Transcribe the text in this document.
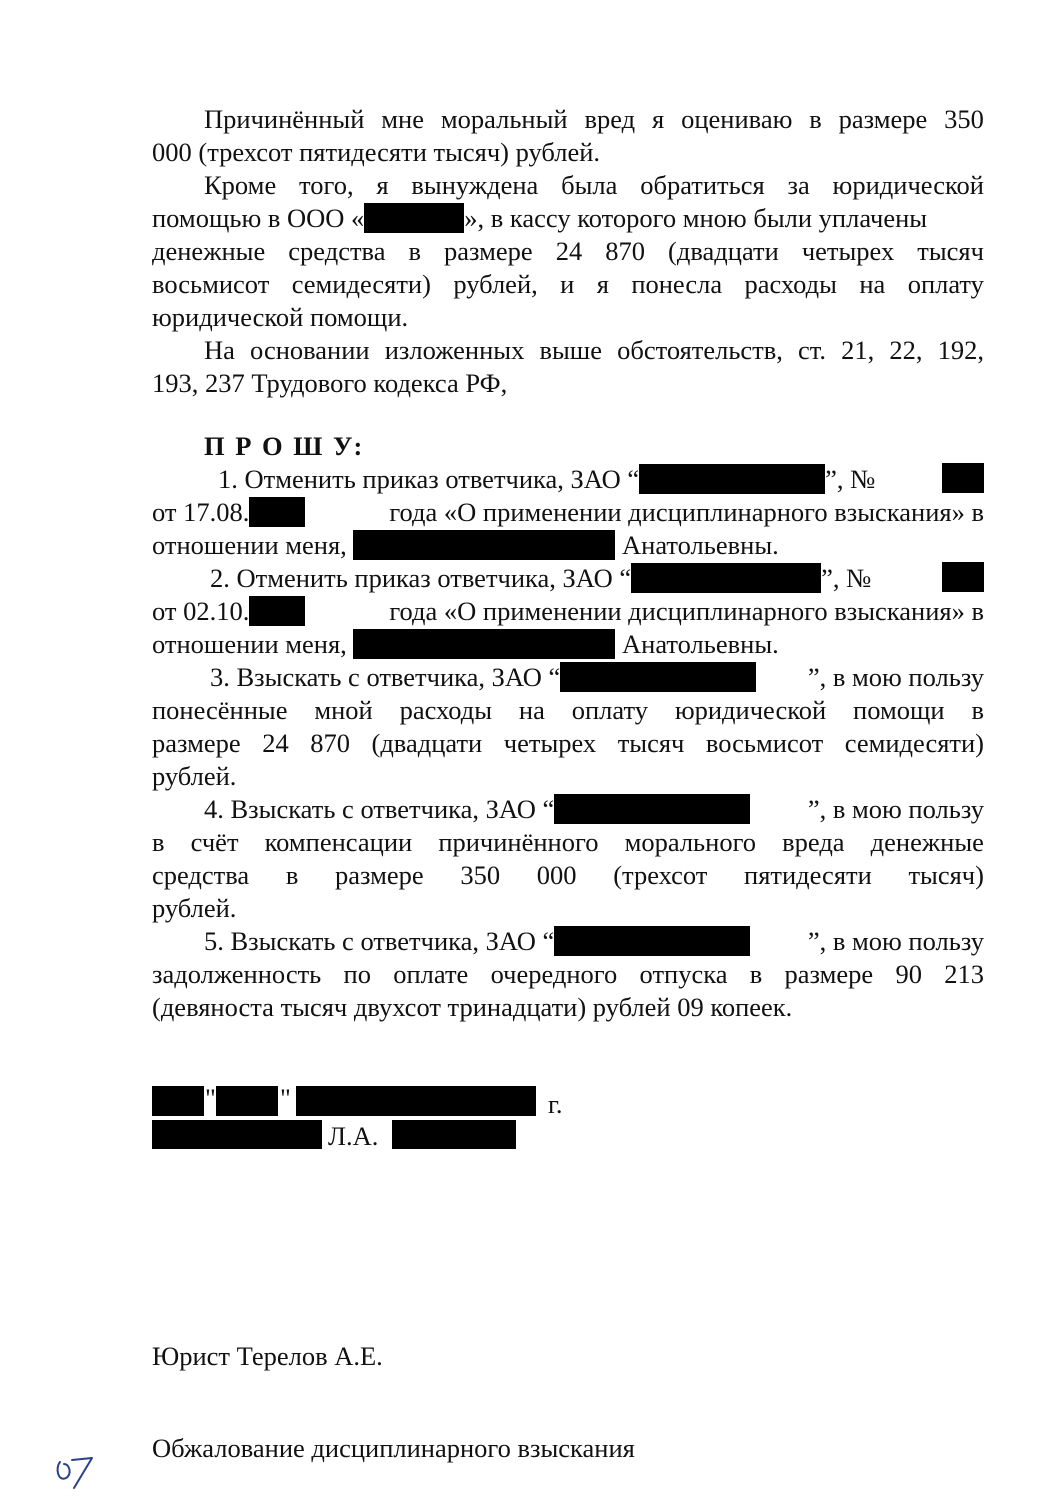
Причинённый мне моральный вред я оцениваю в размере 350
000 (трехсот пятидесяти тысяч) рублей.
Кроме того, я вынуждена была обратиться за юридической
помощью в ООО «	», в кассу которого мною были уплачены
денежные средства в размере 24 870 (двадцати четырех тысяч
восьмисот семидесяти) рублей, и я понесла расходы на оплату
юридической помощи.
На основании изложенных выше обстоятельств, ст. 21, 22, 192,
193, 237 Трудового кодекса РФ,
П Р О Ш У:
1. Отменить приказ ответчика, ЗАО “	”, №
от 17.08.	года «О применении дисциплинарного взыскания» в
отношении меня,	Анатольевны.
2. Отменить приказ ответчика, ЗАО “	”, №
от 02.10.	года «О применении дисциплинарного взыскания» в
отношении меня,	Анатольевны.
3. Взыскать с ответчика, ЗАО “	”, в мою пользу
понесённые мной расходы на оплату юридической помощи в
размере 24 870 (двадцати четырех тысяч восьмисот семидесяти)
рублей.
4. Взыскать с ответчика, ЗАО “	”, в мою пользу
в счёт компенсации причинённого морального вреда денежные
средства в размере 350 000 (трехсот пятидесяти тысяч)
рублей.
5. Взыскать с ответчика, ЗАО “	”, в мою пользу
задолженность по оплате очередного отпуска в размере 90 213
(девяноста тысяч двухсот тринадцати) рублей 09 копеек.
" "	г.
Л.А.
Юрист Терелов А.Е.
Обжалование дисциплинарного взыскания
